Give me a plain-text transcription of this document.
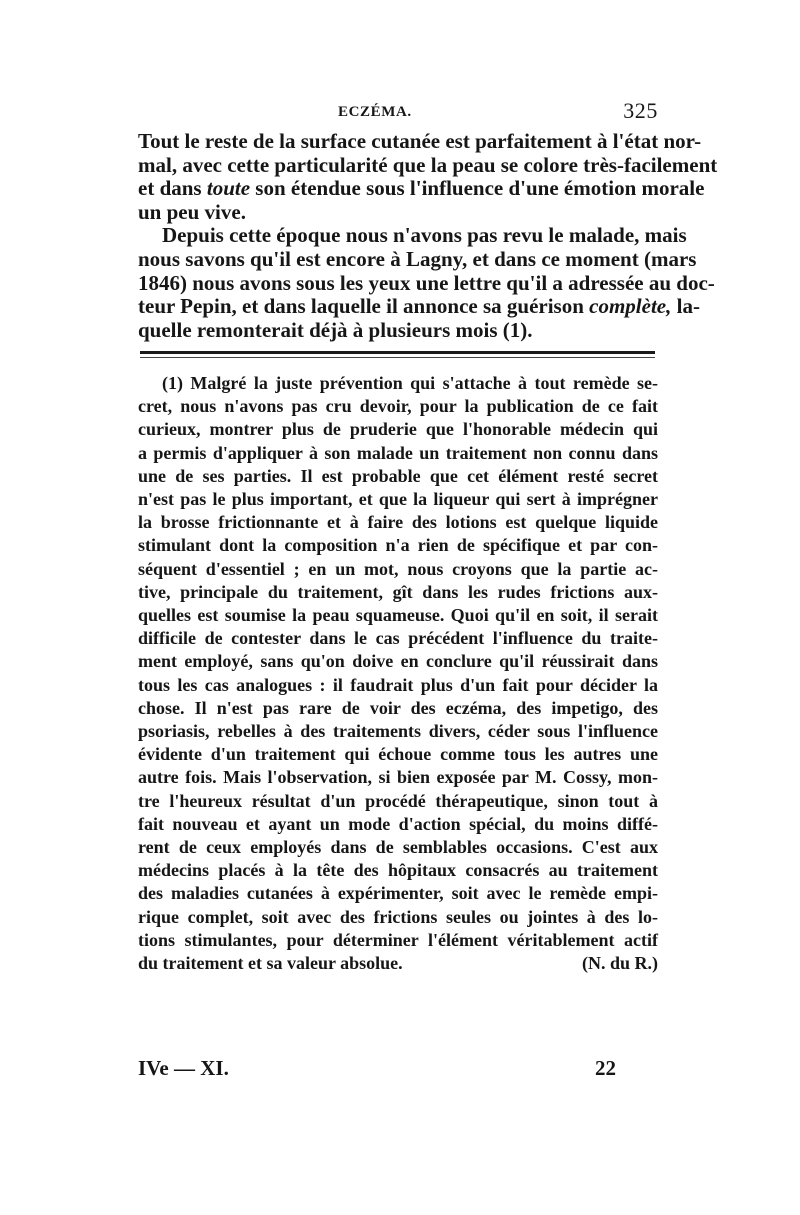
ECZÉMA.	325
Tout le reste de la surface cutanée est parfaitement à l'état nor-
mal, avec cette particularité que la peau se colore très-facilement
et dans toute son étendue sous l'influence d'une émotion morale
un peu vive.
Depuis cette époque nous n'avons pas revu le malade, mais
nous savons qu'il est encore à Lagny, et dans ce moment (mars
1846) nous avons sous les yeux une lettre qu'il a adressée au doc-
teur Pepin, et dans laquelle il annonce sa guérison complète, la-
quelle remonterait déjà à plusieurs mois (1).
(1) Malgré la juste prévention qui s'attache à tout remède se-
cret, nous n'avons pas cru devoir, pour la publication de ce fait
curieux, montrer plus de pruderie que l'honorable médecin qui
a permis d'appliquer à son malade un traitement non connu dans
une de ses parties. Il est probable que cet élément resté secret
n'est pas le plus important, et que la liqueur qui sert à imprégner
la brosse frictionnante et à faire des lotions est quelque liquide
stimulant dont la composition n'a rien de spécifique et par con-
séquent d'essentiel ; en un mot, nous croyons que la partie ac-
tive, principale du traitement, gît dans les rudes frictions aux-
quelles est soumise la peau squameuse. Quoi qu'il en soit, il serait
difficile de contester dans le cas précédent l'influence du traite-
ment employé, sans qu'on doive en conclure qu'il réussirait dans
tous les cas analogues : il faudrait plus d'un fait pour décider la
chose. Il n'est pas rare de voir des eczéma, des impetigo, des
psoriasis, rebelles à des traitements divers, céder sous l'influence
évidente d'un traitement qui échoue comme tous les autres une
autre fois. Mais l'observation, si bien exposée par M. Cossy, mon-
tre l'heureux résultat d'un procédé thérapeutique, sinon tout à
fait nouveau et ayant un mode d'action spécial, du moins diffé-
rent de ceux employés dans de semblables occasions. C'est aux
médecins placés à la tête des hôpitaux consacrés au traitement
des maladies cutanées à expérimenter, soit avec le remède empi-
rique complet, soit avec des frictions seules ou jointes à des lo-
tions stimulantes, pour déterminer l'élément véritablement actif
du traitement et sa valeur absolue.	(N. du R.)
IVe — XI.	22
